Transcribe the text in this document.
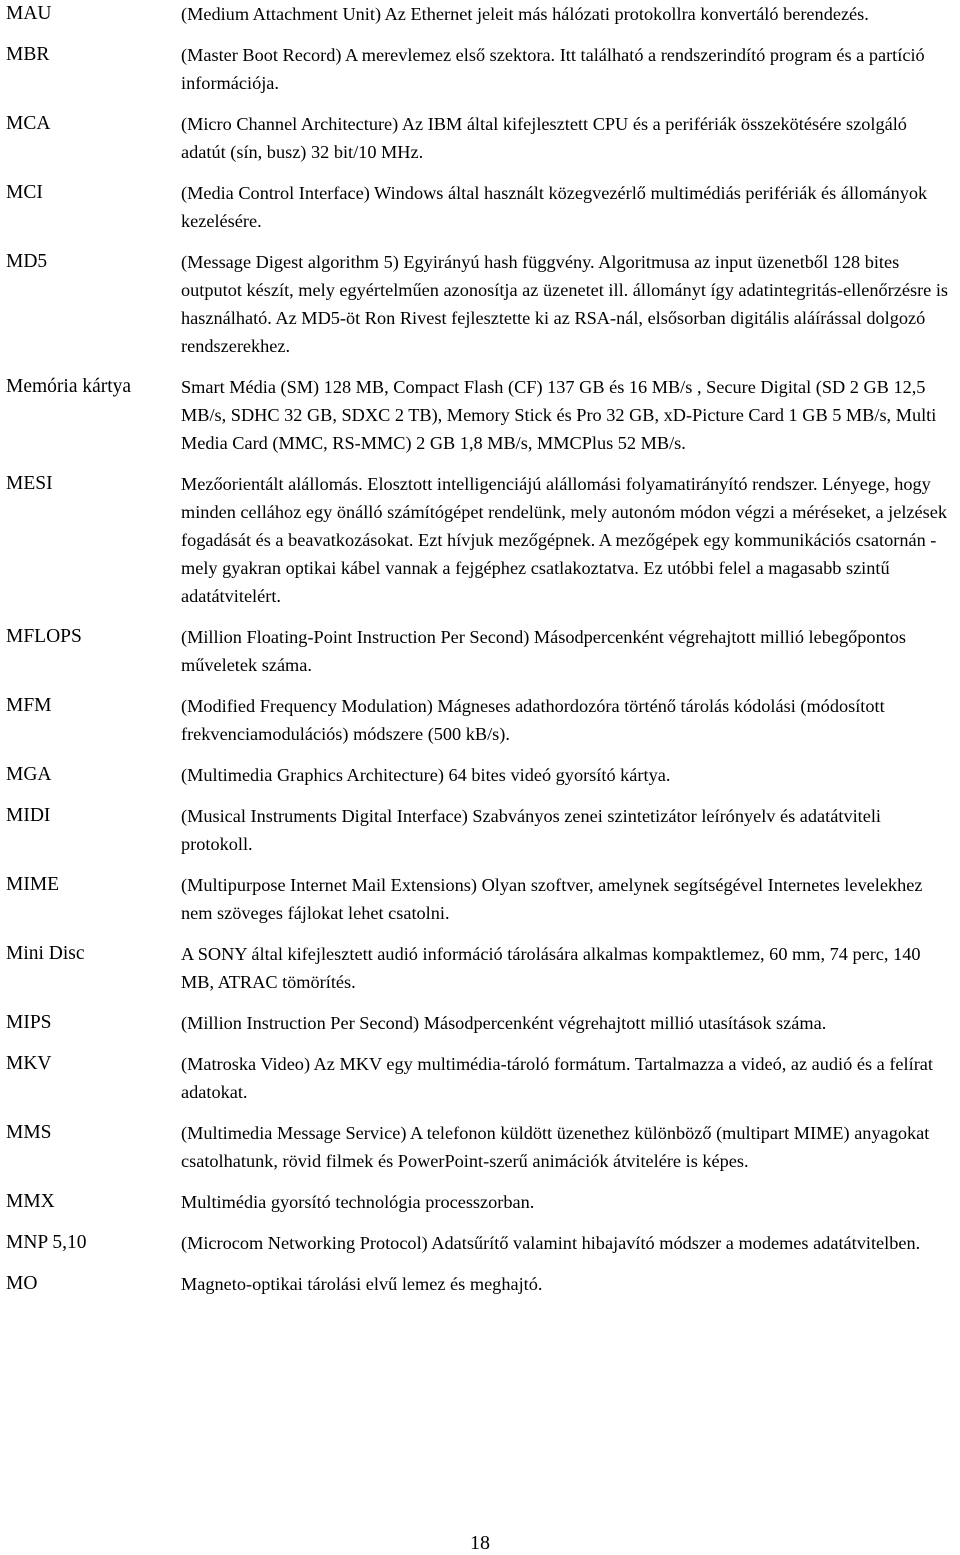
MAU	(Medium Attachment Unit) Az Ethernet jeleit más hálózati protokollra konvertáló berendezés.
MBR	(Master Boot Record) A merevlemez első szektora. Itt található a rendszerindító program és a partíció információja.
MCA	(Micro Channel Architecture) Az IBM által kifejlesztett CPU és a perifériák összekötésére szolgáló adatút (sín, busz) 32 bit/10 MHz.
MCI	(Media Control Interface) Windows által használt közegvezérlő multimédiás perifériák és állományok kezelésére.
MD5	(Message Digest algorithm 5) Egyirányú hash függvény. Algoritmusa az input üzenetből 128 bites outputot készít, mely egyértelműen azonosítja az üzenetet ill. állományt így adatintegritás-ellenőrzésre is használható. Az MD5-öt Ron Rivest fejlesztette ki az RSA-nál, elsősorban digitális aláírással dolgozó rendszerekhez.
Memória kártya	Smart Média (SM) 128 MB, Compact Flash (CF) 137 GB és 16 MB/s , Secure Digital (SD 2 GB 12,5 MB/s, SDHC 32 GB, SDXC 2 TB), Memory Stick és Pro 32 GB, xD-Picture Card 1 GB 5 MB/s, Multi Media Card (MMC, RS-MMC) 2 GB 1,8 MB/s, MMCPlus 52 MB/s.
MESI	Mezőorientált alállomás. Elosztott intelligenciájú alállomási folyamatirányító rendszer. Lényege, hogy minden cellához egy önálló számítógépet rendelünk, mely autonóm módon végzi a méréseket, a jelzések fogadását és a beavatkozásokat. Ezt hívjuk mezőgépnek. A mezőgépek egy kommunikációs csatornán - mely gyakran optikai kábel vannak a fejgéphez csatlakoztatva. Ez utóbbi felel a magasabb szintű adatátvitelért.
MFLOPS	(Million Floating-Point Instruction Per Second) Másodpercenként végrehajtott millió lebegőpontos műveletek száma.
MFM	(Modified Frequency Modulation) Mágneses adathordozóra történő tárolás kódolási (módosított frekvenciamodulációs) módszere (500 kB/s).
MGA	(Multimedia Graphics Architecture) 64 bites videó gyorsító kártya.
MIDI	(Musical Instruments Digital Interface) Szabványos zenei szintetizátor leírónyelv és adatátviteli protokoll.
MIME	(Multipurpose Internet Mail Extensions) Olyan szoftver, amelynek segítségével Internetes levelekhez nem szöveges fájlokat lehet csatolni.
Mini Disc	A SONY által kifejlesztett audió információ tárolására alkalmas kompaktlemez, 60 mm, 74 perc, 140 MB, ATRAC tömörítés.
MIPS	(Million Instruction Per Second) Másodpercenként végrehajtott millió utasítások száma.
MKV	(Matroska Video) Az MKV egy multimédia-tároló formátum. Tartalmazza a videó, az audió és a felírat adatokat.
MMS	(Multimedia Message Service) A telefonon küldött üzenethez különböző (multipart MIME) anyagokat csatolhatunk, rövid filmek és PowerPoint-szerű animációk átvitelére is képes.
MMX	Multimédia gyorsító technológia processzorban.
MNP 5,10	(Microcom Networking Protocol) Adatsűrítő valamint hibajavító módszer a modemes adatátvitelben.
MO	Magneto-optikai tárolási elvű lemez és meghajtó.
18
